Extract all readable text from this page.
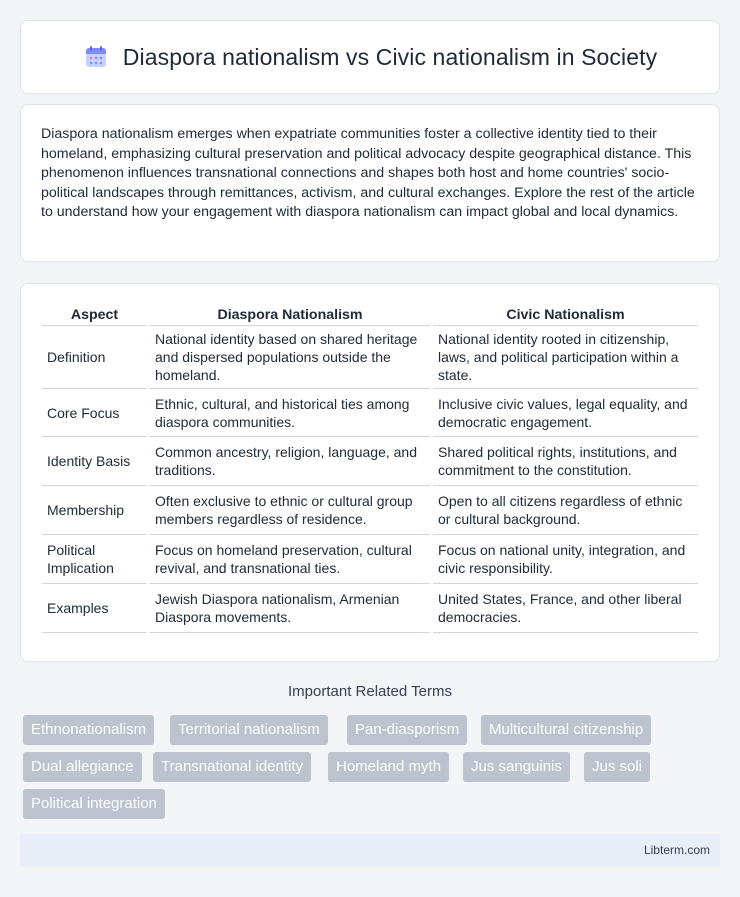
Diaspora nationalism vs Civic nationalism in Society

Diaspora nationalism emerges when expatriate communities foster a collective identity tied to their homeland, emphasizing cultural preservation and political advocacy despite geographical distance. This phenomenon influences transnational connections and shapes both host and home countries' socio-political landscapes through remittances, activism, and cultural exchanges. Explore the rest of the article to understand how your engagement with diaspora nationalism can impact global and local dynamics.

Aspect	Diaspora Nationalism	Civic Nationalism
Definition	National identity based on shared heritage and dispersed populations outside the homeland.	National identity rooted in citizenship, laws, and political participation within a state.
Core Focus	Ethnic, cultural, and historical ties among diaspora communities.	Inclusive civic values, legal equality, and democratic engagement.
Identity Basis	Common ancestry, religion, language, and traditions.	Shared political rights, institutions, and commitment to the constitution.
Membership	Often exclusive to ethnic or cultural group members regardless of residence.	Open to all citizens regardless of ethnic or cultural background.
Political Implication	Focus on homeland preservation, cultural revival, and transnational ties.	Focus on national unity, integration, and civic responsibility.
Examples	Jewish Diaspora nationalism, Armenian Diaspora movements.	United States, France, and other liberal democracies.
Important Related Terms
Ethnonationalism	Territorial nationalism	Pan-diasporism	Multicultural citizenship
Dual allegiance	Transnational identity	Homeland myth	Jus sanguinis	Jus soli
Political integration
Libterm.com
